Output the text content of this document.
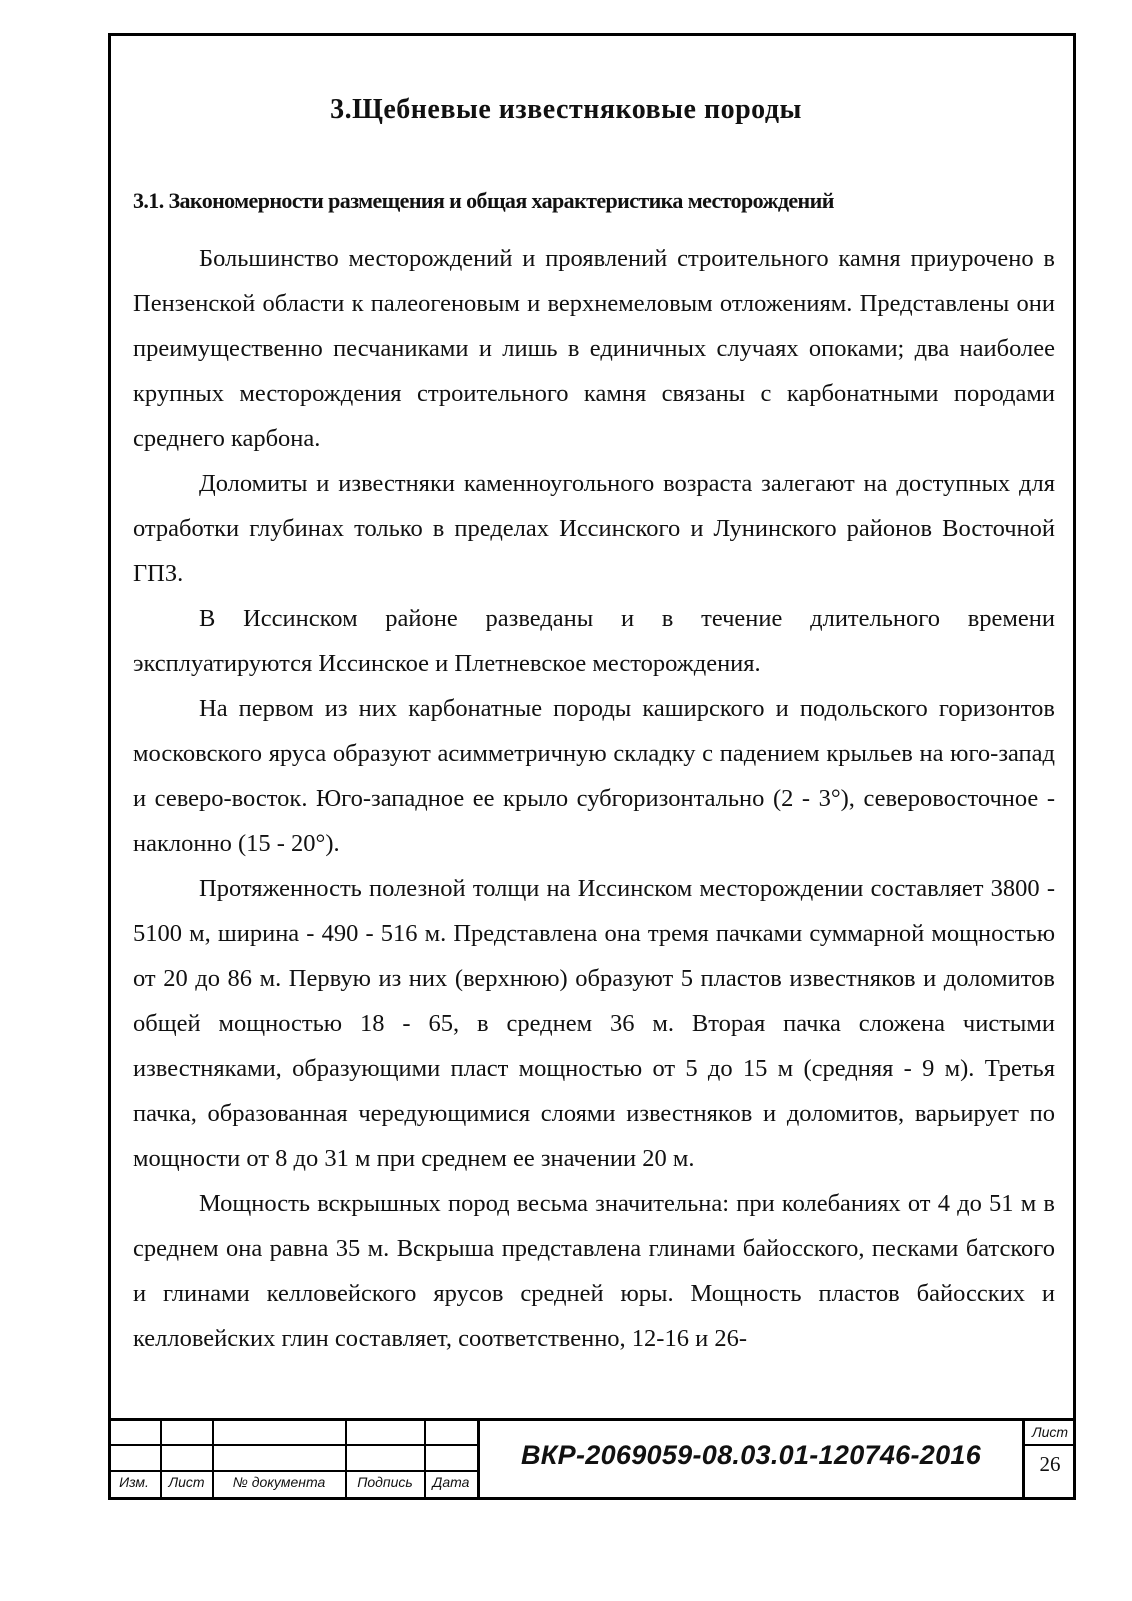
3.Щебневые известняковые породы
3.1. Закономерности размещения и общая характеристика месторождений

Большинство месторождений и проявлений строительного камня приурочено в Пензенской области к палеогеновым и верхнемеловым отложениям. Представлены они преимущественно песчаниками и лишь в единичных случаях опоками; два наиболее крупных месторождения строительного камня связаны с карбонатными породами среднего карбона.

Доломиты и известняки каменноугольного возраста залегают на доступных для отработки глубинах только в пределах Иссинского и Лунинского районов Восточной ГПЗ.

В Иссинском районе разведаны и в течение длительного времени эксплуатируются Иссинское и Плетневское месторождения.

На первом из них карбонатные породы каширского и подольского горизонтов московского яруса образуют асимметричную складку с падением крыльев на юго-запад и северо-восток. Юго-западное ее крыло субгоризонтально (2 - 3°), северовосточное - наклонно (15 - 20°).

Протяженность полезной толщи на Иссинском месторождении составляет 3800 - 5100 м, ширина - 490 - 516 м. Представлена она тремя пачками суммарной мощностью от 20 до 86 м. Первую из них (верхнюю) образуют 5 пластов известняков и доломитов общей мощностью 18 - 65, в среднем 36 м. Вторая пачка сложена чистыми известняками, образующими пласт мощностью от 5 до 15 м (средняя - 9 м). Третья пачка, образованная чередующимися слоями известняков и доломитов, варьирует по мощности от 8 до 31 м при среднем ее значении 20 м.

Мощность вскрышных пород весьма значительна: при колебаниях от 4 до 51 м в среднем она равна 35 м. Вскрыша представлена глинами байосского, песками батского и глинами келловейского ярусов средней юры. Мощность пластов байосских и келловейских глин составляет, соответственно, 12-16 и 26-

Изм.	Лист	№ документа	Подпись	Дата
ВКР-2069059-08.03.01-120746-2016
Лист
26
